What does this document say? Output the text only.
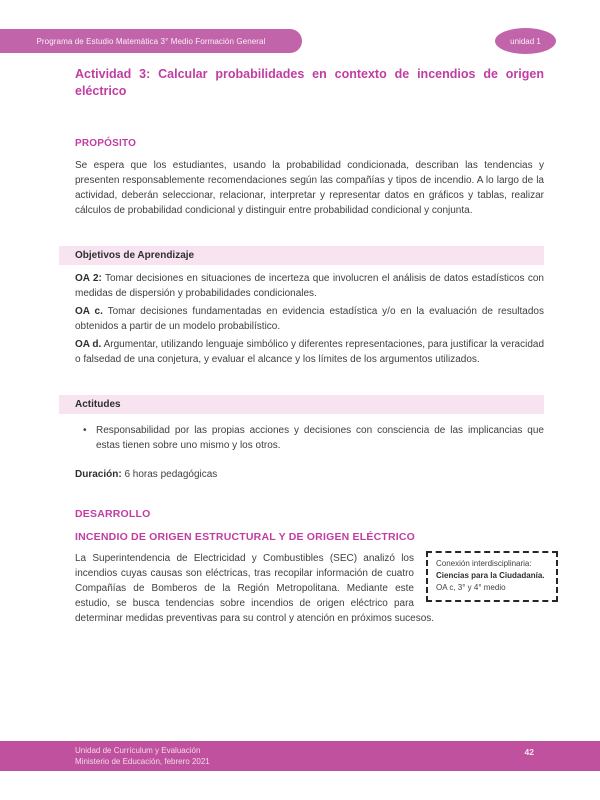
Programa de Estudio Matemática 3° Medio Formación General	unidad 1
Actividad 3: Calcular probabilidades en contexto de incendios de origen eléctrico
PROPÓSITO

Se espera que los estudiantes, usando la probabilidad condicionada, describan las tendencias y presenten responsablemente recomendaciones según las compañías y tipos de incendio. A lo largo de la actividad, deberán seleccionar, relacionar, interpretar y representar datos en gráficos y tablas, realizar cálculos de probabilidad condicional y distinguir entre probabilidad condicional y conjunta.

Objetivos de Aprendizaje

OA 2: Tomar decisiones en situaciones de incerteza que involucren el análisis de datos estadísticos con medidas de dispersión y probabilidades condicionales.

OA c. Tomar decisiones fundamentadas en evidencia estadística y/o en la evaluación de resultados obtenidos a partir de un modelo probabilístico.

OA d. Argumentar, utilizando lenguaje simbólico y diferentes representaciones, para justificar la veracidad o falsedad de una conjetura, y evaluar el alcance y los límites de los argumentos utilizados.

Actitudes
• Responsabilidad por las propias acciones y decisiones con consciencia de las implicancias que estas tienen sobre uno mismo y los otros.

Duración: 6 horas pedagógicas

DESARROLLO
INCENDIO DE ORIGEN ESTRUCTURAL Y DE ORIGEN ELÉCTRICO
Conexión interdisciplinaria:
Ciencias para la Ciudadanía.
OA c, 3° y 4° medio
La Superintendencia de Electricidad y Combustibles (SEC) analizó los incendios cuyas causas son eléctricas, tras recopilar información de cuatro Compañías de Bomberos de la Región Metropolitana. Mediante este estudio, se busca tendencias sobre incendios de origen eléctrico para determinar medidas preventivas para su control y atención en próximos sucesos.
Unidad de Currículum y Evaluación
Ministerio de Educación, febrero 2021
42
